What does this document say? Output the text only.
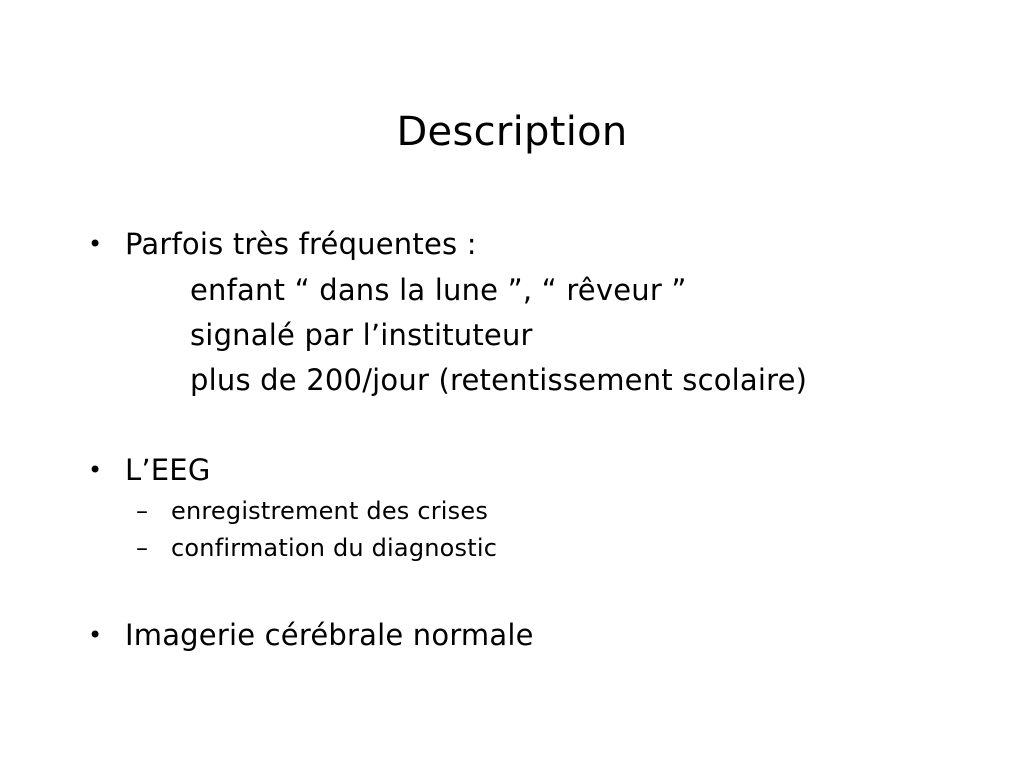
Description
• Parfois très fréquentes :
enfant “ dans la lune ”, “ rêveur ”
signalé par l’instituteur
plus de 200/jour (retentissement scolaire)
• L’EEG
– enregistrement des crises
– confirmation du diagnostic
• Imagerie cérébrale normale
